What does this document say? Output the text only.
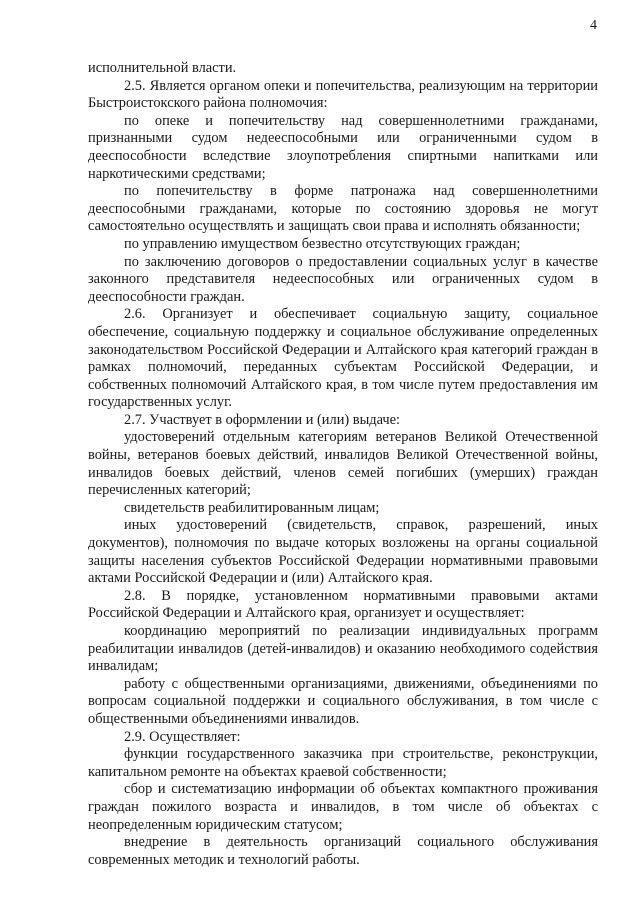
4

исполнительной власти.

2.5. Является органом опеки и попечительства, реализующим на территории Быстроистокского района полномочия:

по опеке и попечительству над совершеннолетними гражданами, признанными судом недееспособными или ограниченными судом в дееспособности вследствие злоупотребления спиртными напитками или наркотическими средствами;

по попечительству в форме патронажа над совершеннолетними дееспособными гражданами, которые по состоянию здоровья не могут самостоятельно осуществлять и защищать свои права и исполнять обязанности;

по управлению имуществом безвестно отсутствующих граждан;

по заключению договоров о предоставлении социальных услуг в качестве законного представителя недееспособных или ограниченных судом в дееспособности граждан.

2.6. Организует и обеспечивает социальную защиту, социальное обеспечение, социальную поддержку и социальное обслуживание определенных законодательством Российской Федерации и Алтайского края категорий граждан в рамках полномочий, переданных субъектам Российской Федерации, и собственных полномочий Алтайского края, в том числе путем предоставления им государственных услуг.

2.7. Участвует в оформлении и (или) выдаче:

удостоверений отдельным категориям ветеранов Великой Отечественной войны, ветеранов боевых действий, инвалидов Великой Отечественной войны, инвалидов боевых действий, членов семей погибших (умерших) граждан перечисленных категорий;

свидетельств реабилитированным лицам;

иных удостоверений (свидетельств, справок, разрешений, иных документов), полномочия по выдаче которых возложены на органы социальной защиты населения субъектов Российской Федерации нормативными правовыми актами Российской Федерации и (или) Алтайского края.

2.8. В порядке, установленном нормативными правовыми актами Российской Федерации и Алтайского края, организует и осуществляет:

координацию мероприятий по реализации индивидуальных программ реабилитации инвалидов (детей-инвалидов) и оказанию необходимого содействия инвалидам;

работу с общественными организациями, движениями, объединениями по вопросам социальной поддержки и социального обслуживания, в том числе с общественными объединениями инвалидов.

2.9. Осуществляет:

функции государственного заказчика при строительстве, реконструкции, капитальном ремонте на объектах краевой собственности;

сбор и систематизацию информации об объектах компактного проживания граждан пожилого возраста и инвалидов, в том числе об объектах с неопределенным юридическим статусом;

внедрение в деятельность организаций социального обслуживания современных методик и технологий работы.
